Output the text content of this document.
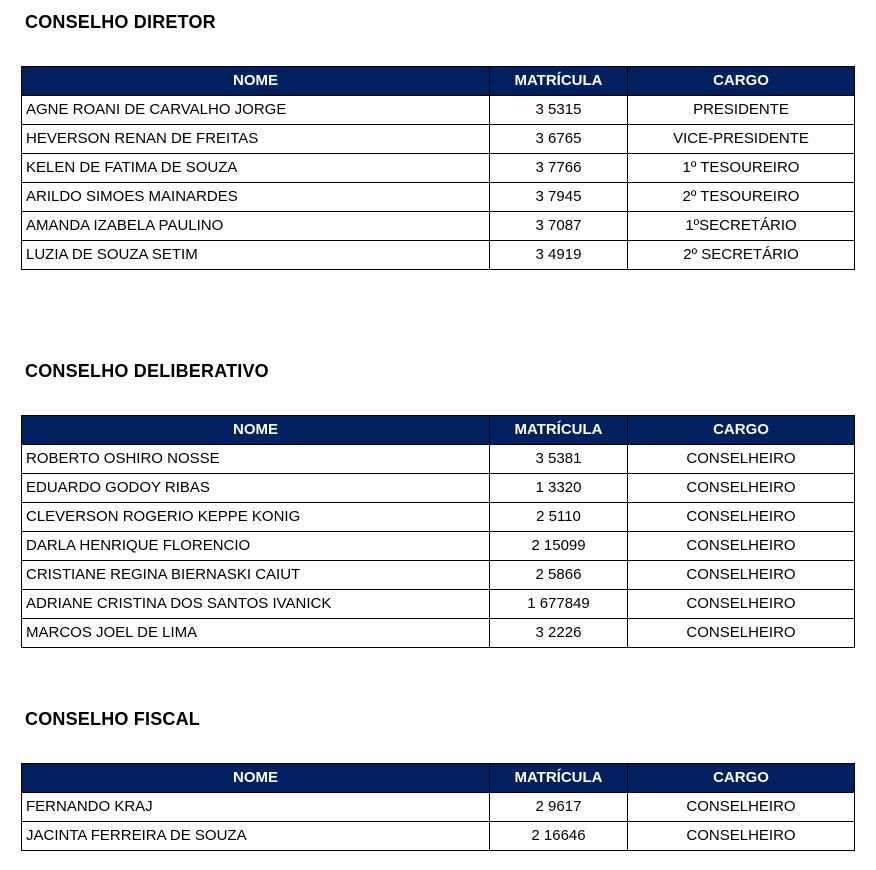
CONSELHO DIRETOR
NOME	MATRÍCULA	CARGO
AGNE ROANI DE CARVALHO JORGE	3 5315	PRESIDENTE
HEVERSON RENAN DE FREITAS	3 6765	VICE-PRESIDENTE
KELEN DE FATIMA DE SOUZA	3 7766	1º TESOUREIRO
ARILDO SIMOES MAINARDES	3 7945	2º TESOUREIRO
AMANDA IZABELA PAULINO	3 7087	1ºSECRETÁRIO
LUZIA DE SOUZA SETIM	3 4919	2º SECRETÁRIO
CONSELHO DELIBERATIVO
NOME	MATRÍCULA	CARGO
ROBERTO OSHIRO NOSSE	3 5381	CONSELHEIRO
EDUARDO GODOY RIBAS	1 3320	CONSELHEIRO
CLEVERSON ROGERIO KEPPE KONIG	2 5110	CONSELHEIRO
DARLA HENRIQUE FLORENCIO	2 15099	CONSELHEIRO
CRISTIANE REGINA BIERNASKI CAIUT	2 5866	CONSELHEIRO
ADRIANE CRISTINA DOS SANTOS IVANICK	1 677849	CONSELHEIRO
MARCOS JOEL DE LIMA	3 2226	CONSELHEIRO
CONSELHO FISCAL
NOME	MATRÍCULA	CARGO
FERNANDO KRAJ	2 9617	CONSELHEIRO
JACINTA FERREIRA DE SOUZA	2 16646	CONSELHEIRO
